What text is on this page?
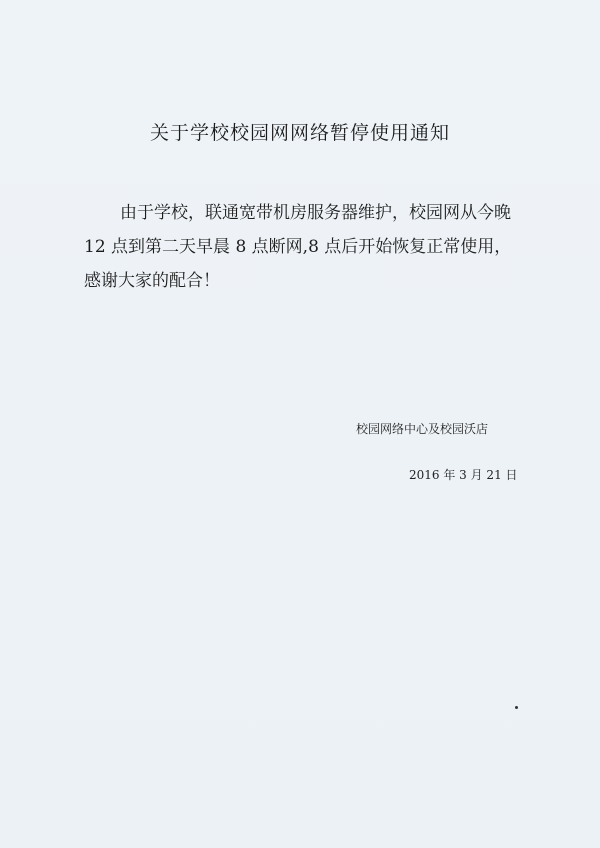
关于学校校园网网络暂停使用通知

由于学校，联通宽带机房服务器维护，校园网从今晚 12 点到第二天早晨 8 点断网,8 点后开始恢复正常使用，感谢大家的配合！

校园网络中心及校园沃店
2016 年 3 月 21 日
